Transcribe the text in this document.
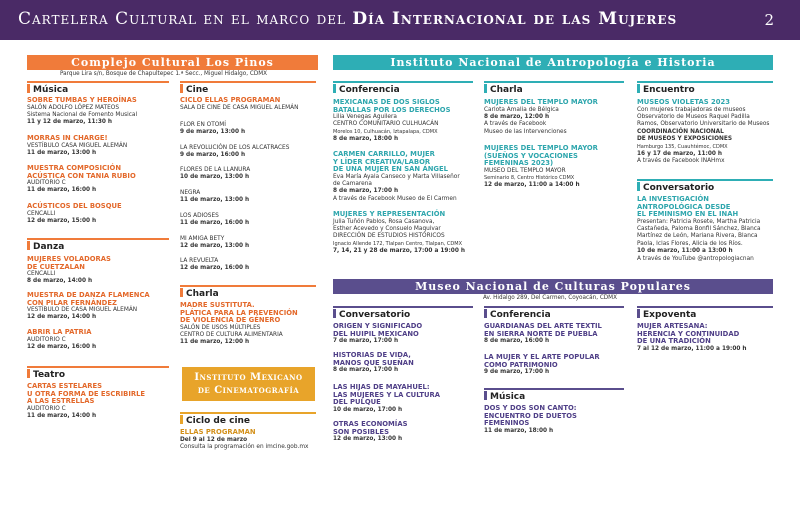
Cartelera Cultural en el marco del Día Internacional de las Mujeres	2
Complejo Cultural Los Pinos
Parque Lira s/n, Bosque de Chapultepec 1.ª Secc., Miguel Hidalgo, CDMX
Música
SOBRE TUMBAS Y HEROÍNAS
SALÓN ADOLFO LÓPEZ MATEOS
Sistema Nacional de Fomento Musical
11 y 12 de marzo, 11:30 h
MORRAS IN CHARGE!
VESTÍBULO CASA MIGUEL ALEMÁN
11 de marzo, 13:00 h
MUESTRA COMPOSICIÓN
ACÚSTICA CON TANIA RUBIO
AUDITORIO C
11 de marzo, 16:00 h
ACÚSTICOS DEL BOSQUE
CENCALLI
12 de marzo, 15:00 h
Danza
MUJERES VOLADORAS
DE CUETZALAN
CENCALLI
8 de marzo, 14:00 h
MUESTRA DE DANZA FLAMENCA
CON PILAR FERNÁNDEZ
VESTÍBULO DE CASA MIGUEL ALEMÁN
12 de marzo, 14:00 h
ABRIR LA PATRIA
AUDITORIO C
12 de marzo, 16:00 h
Teatro
CARTAS ESTELARES
U OTRA FORMA DE ESCRIBIRLE
A LAS ESTRELLAS
AUDITORIO C
11 de marzo, 14:00 h
Cine
CICLO ELLAS PROGRAMAN
SALA DE CINE DE CASA MIGUEL ALEMÁN
FLOR EN OTOMÍ
9 de marzo, 13:00 h
LA REVOLUCIÓN DE LOS ALCATRACES
9 de marzo, 16:00 h
FLORES DE LA LLANURA
10 de marzo, 13:00 h
NEGRA
11 de marzo, 13:00 h
LOS ADIOSES
11 de marzo, 16:00 h
MI AMIGA BETY
12 de marzo, 13:00 h
LA REVUELTA
12 de marzo, 16:00 h
Charla
MADRE SUSTITUTA.
PLÁTICA PARA LA PREVENCIÓN
DE VIOLENCIA DE GÉNERO
SALÓN DE USOS MÚLTIPLES
CENTRO DE CULTURA ALIMENTARIA
11 de marzo, 12:00 h
Instituto Mexicano
de Cinematografía
Ciclo de cine
ELLAS PROGRAMAN
Del 9 al 12 de marzo
Consulta la programación en imcine.gob.mx
Instituto Nacional de Antropología e Historia
Conferencia
MEXICANAS DE DOS SIGLOS
BATALLAS POR LOS DERECHOS
Lilia Venegas Aguilera
CENTRO COMUNITARIO CULHUACÁN
Morelos 10, Culhuacán, Iztapalapa, CDMX
8 de marzo, 18:00 h
CARMEN CARRILLO, MUJER
Y LÍDER CREATIVA/LABOR
DE UNA MUJER EN SAN ÁNGEL
Eva María Ayala Canseco y Marta Villaseñor
de Camarena
8 de marzo, 17:00 h
A través de Facebook Museo de El Carmen
MUJERES Y REPRESENTACIÓN
Julia Tuñón Pablos, Rosa Casanova,
Esther Acevedo y Consuelo Maquivar
DIRECCIÓN DE ESTUDIOS HISTÓRICOS
Ignacio Allende 172, Tlalpan Centro, Tlalpan, CDMX
7, 14, 21 y 28 de marzo, 17:00 a 19:00 h
Charla
MUJERES DEL TEMPLO MAYOR
Carlota Amalia de Bélgica
8 de marzo, 12:00 h
A través de Facebook
Museo de las Intervenciones
MUJERES DEL TEMPLO MAYOR
(SUEÑOS Y VOCACIONES
FEMENINAS 2023)
MUSEO DEL TEMPLO MAYOR
Seminario 8, Centro Histórico CDMX
12 de marzo, 11:00 a 14:00 h
Encuentro
MUSEOS VIOLETAS 2023
Con mujeres trabajadoras de museos
Observatorio de Museos Raquel Padilla
Ramos, Observatorio Universitario de Museos
COORDINACIÓN NACIONAL
DE MUSEOS Y EXPOSICIONES
Hamburgo 135, Cuauhtémoc, CDMX
16 y 17 de marzo, 11:00 h
A través de Facebook INAHmx
Conversatorio
LA INVESTIGACIÓN
ANTROPOLÓGICA DESDE
EL FEMINISMO EN EL INAH
Presentan: Patricia Rosete, Martha Patricia
Castañeda, Paloma Bonfil Sánchez, Blanca
Martínez de León, Mariana Rivera, Blanca
Paola, Iclas Flores, Alicia de los Ríos.
10 de marzo, 11:00 a 13:00 h
A través de YouTube @antropologiacnan
Museo Nacional de Culturas Populares
Av. Hidalgo 289, Del Carmen, Coyoacán, CDMX
Conversatorio
ORIGEN Y SIGNIFICADO
DEL HUIPIL MEXICANO
7 de marzo, 17:00 h
HISTORIAS DE VIDA,
MANOS QUE SUEÑAN
8 de marzo, 17:00 h
LAS HIJAS DE MAYAHUEL:
LAS MUJERES Y LA CULTURA
DEL PULQUE
10 de marzo, 17:00 h
OTRAS ECONOMÍAS
SON POSIBLES
12 de marzo, 13:00 h
Conferencia
GUARDIANAS DEL ARTE TEXTIL
EN SIERRA NORTE DE PUEBLA
8 de marzo, 16:00 h
LA MUJER Y EL ARTE POPULAR
COMO PATRIMONIO
9 de marzo, 17:00 h
Música
DOS Y DOS SON CANTO:
ENCUENTRO DE DUETOS
FEMENINOS
11 de marzo, 18:00 h
Expoventa
MUJER ARTESANA:
HERENCIA Y CONTINUIDAD
DE UNA TRADICIÓN
7 al 12 de marzo, 11:00 a 19:00 h
